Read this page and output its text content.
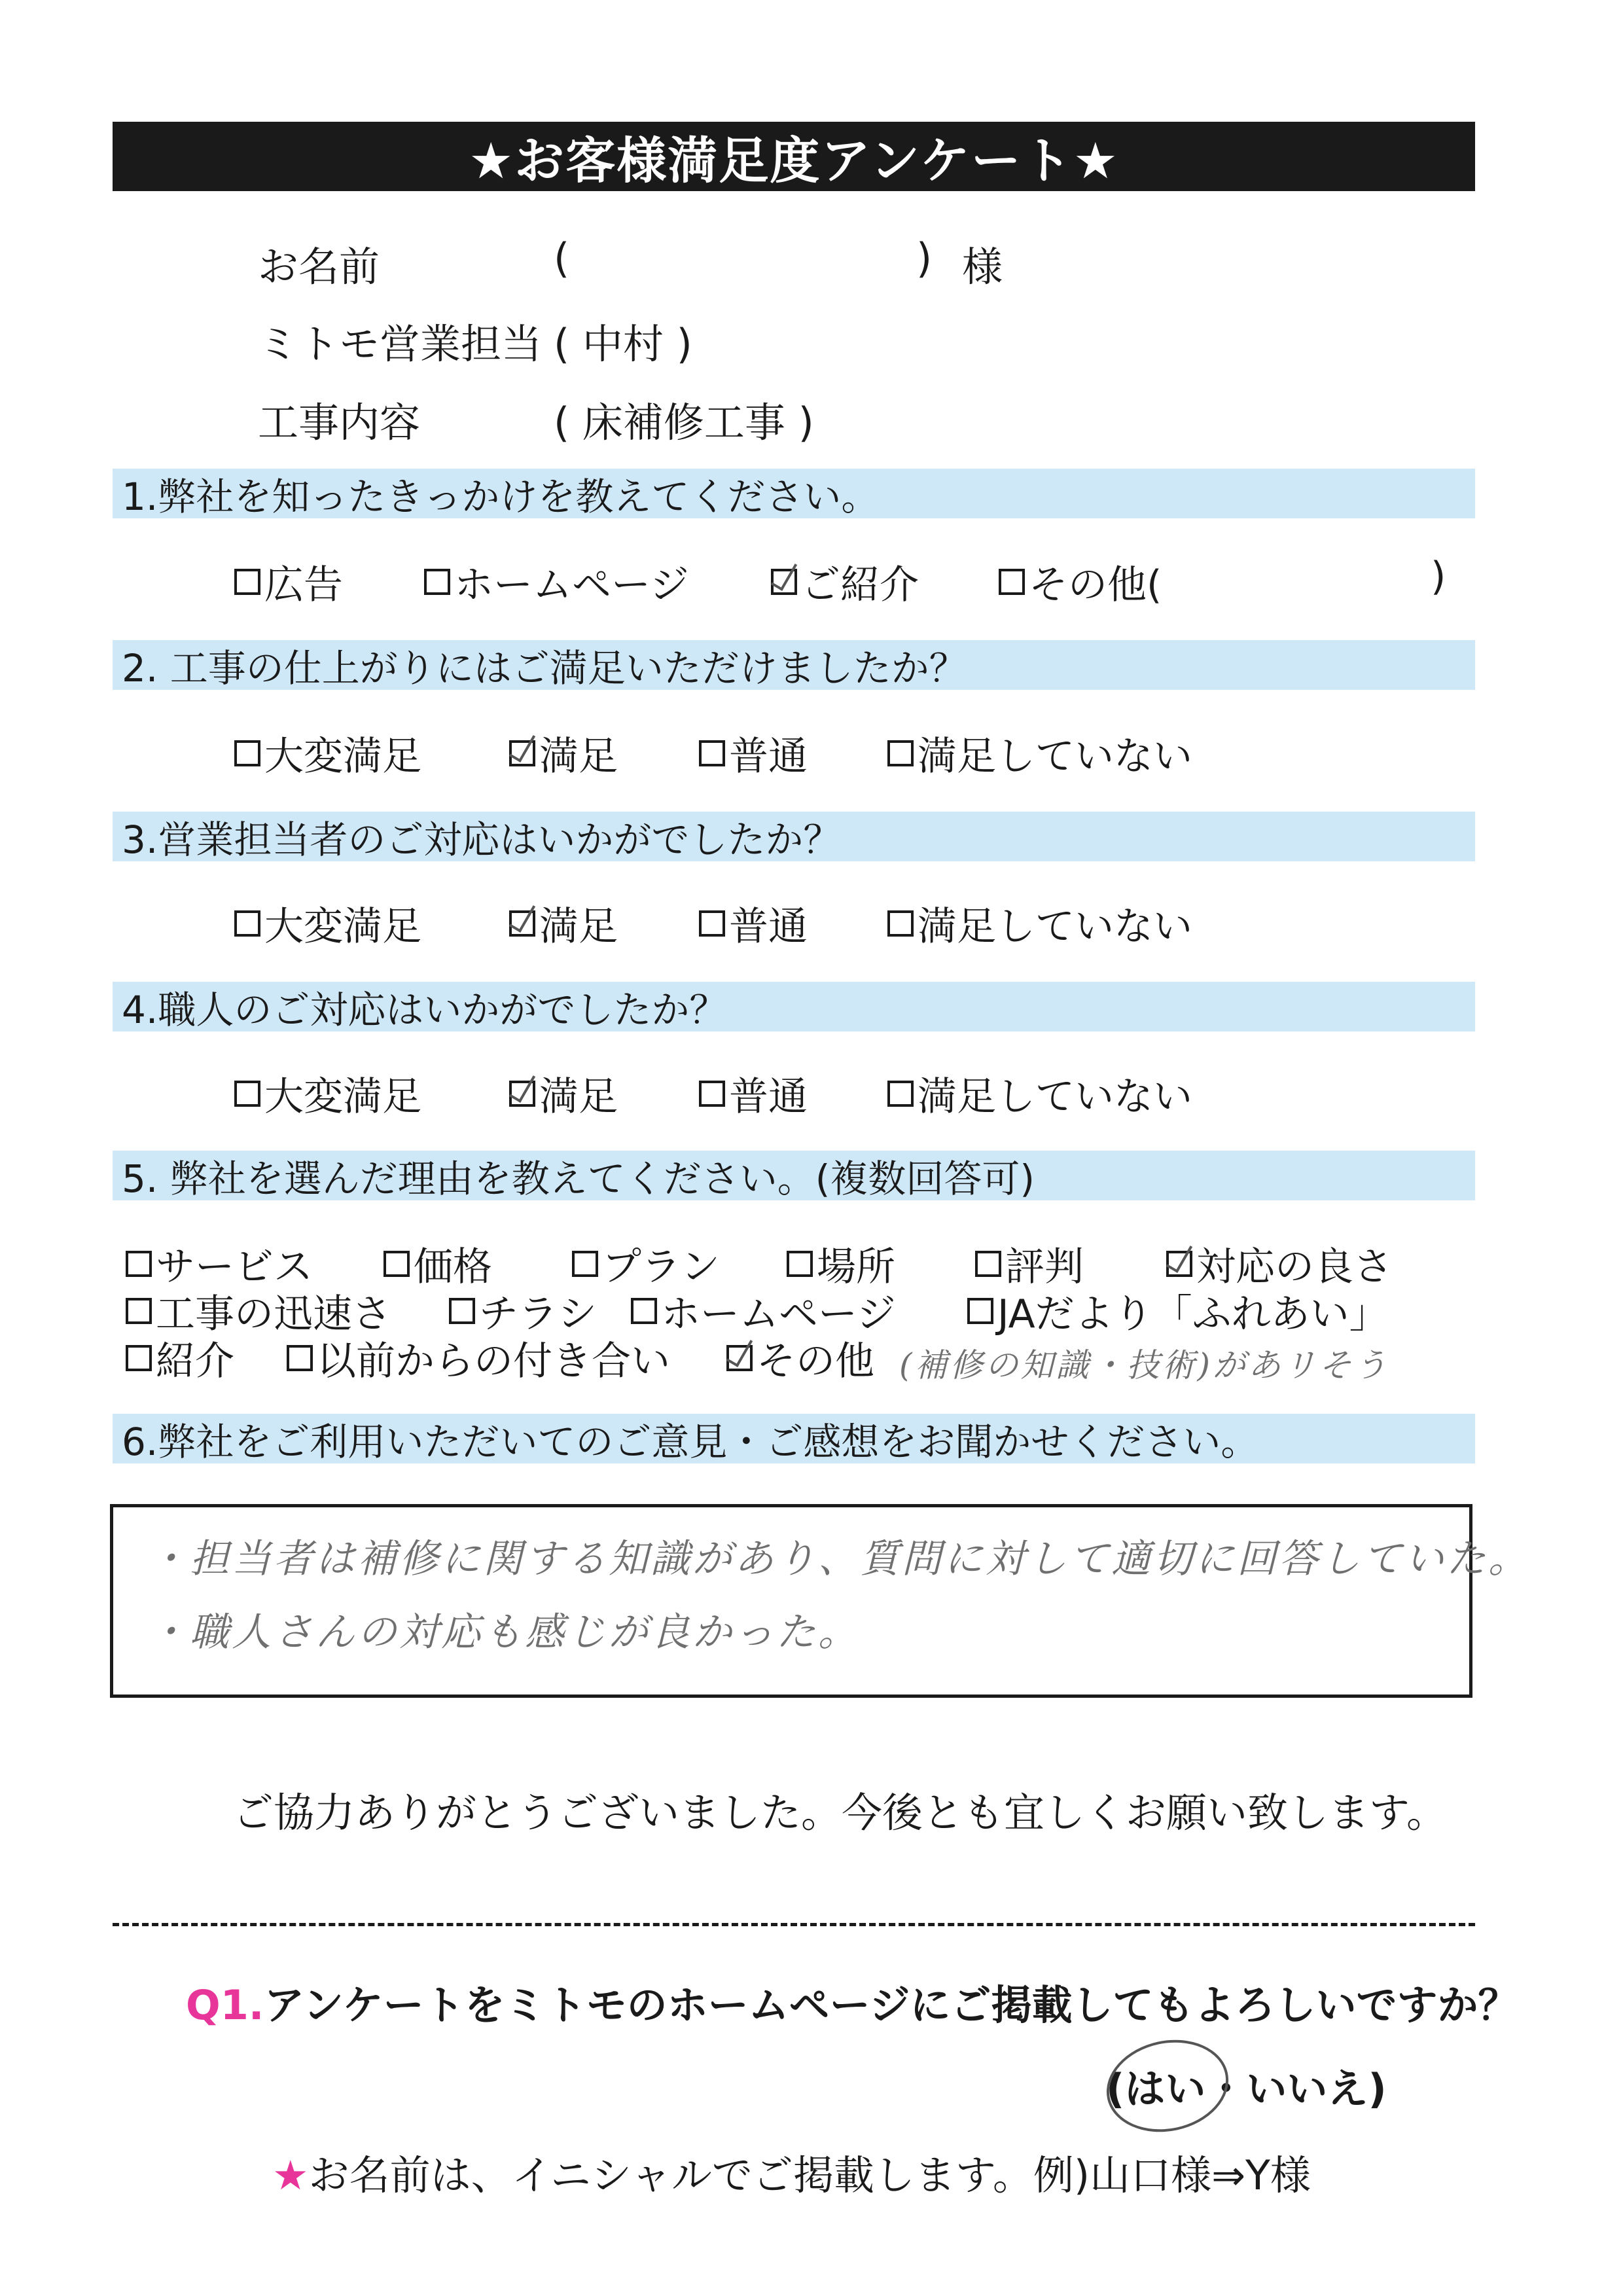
★お客様満足度アンケート★
お名前	(	) 様
ミトモ営業担当 ( 中村 )
工事内容	( 床補修工事 )
1.弊社を知ったきっかけを教えてください。
広告	ホームページ	ご紹介	その他(	)
2. 工事の仕上がりにはご満足いただけましたか？
大変満足	満足	普通	満足していない
3.営業担当者のご対応はいかがでしたか？
大変満足	満足	普通	満足していない
4.職人のご対応はいかがでしたか？
大変満足	満足	普通	満足していない
5. 弊社を選んだ理由を教えてください。(複数回答可)
サービス	価格	プラン 場所	評判	対応の良さ
工事の迅速さ チラシ ホームページ	JAだより「ふれあい」
紹介 以前からの付き合い その他 (補修の知識・技術)があリそう
6.弊社をご利用いただいてのご意見・ご感想をお聞かせください。
・担当者は補修に関する知識があり、質問に対して適切に回答していた。
・職人さんの対応も感じが良かった。
ご協力ありがとうございました。今後とも宜しくお願い致します。
Q1.アンケートをミトモのホームページにご掲載してもよろしいですか？
(はい・いいえ)
★お名前は、イニシャルでご掲載します。例)山口様⇒Y様
